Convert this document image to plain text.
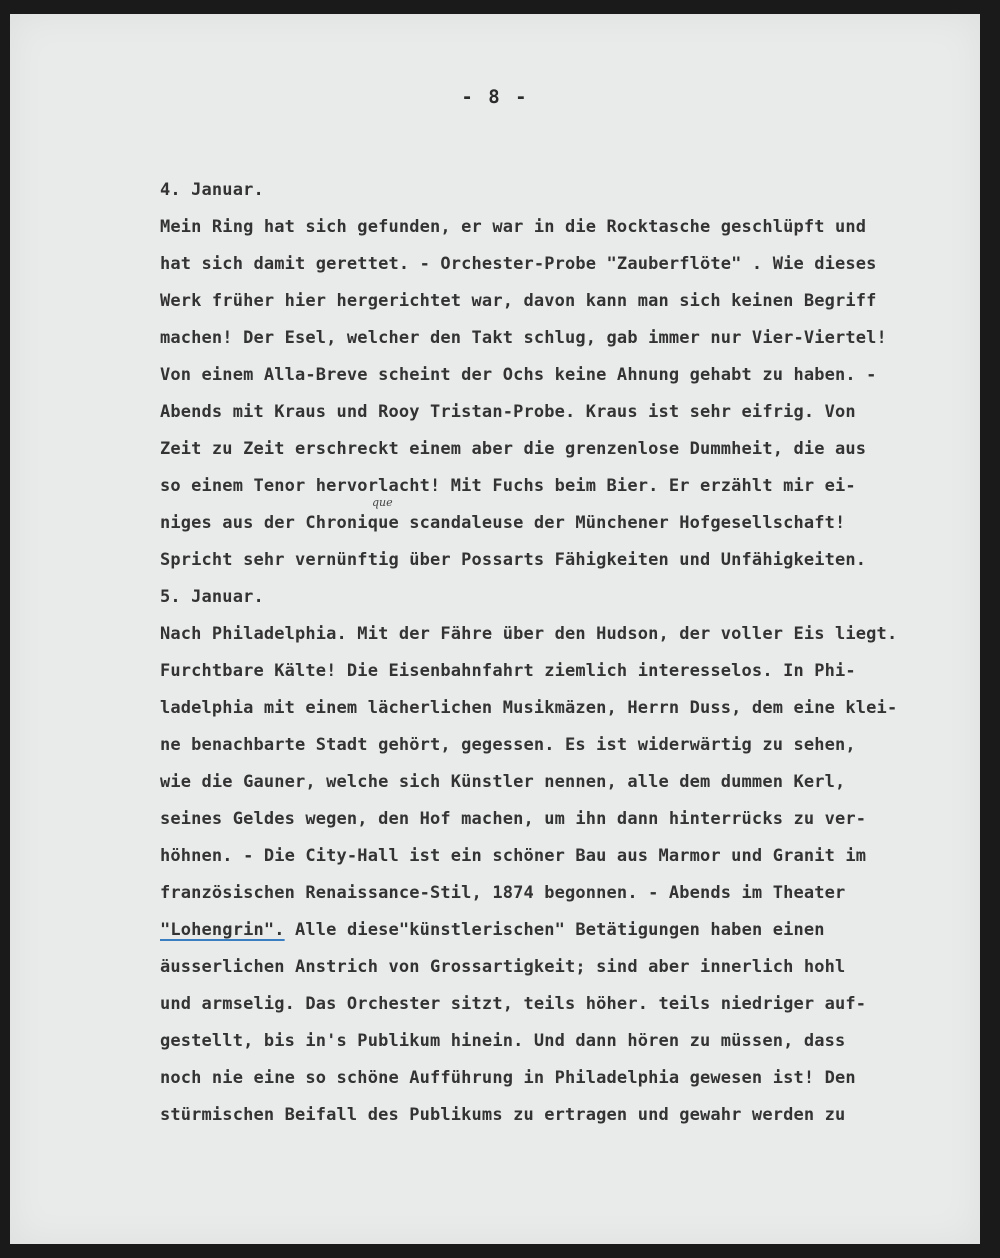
- 8 -
que
4. Januar.
Mein Ring hat sich gefunden, er war in die Rocktasche geschlüpft und
hat sich damit gerettet. - Orchester-Probe "Zauberflöte" . Wie dieses
Werk früher hier hergerichtet war, davon kann man sich keinen Begriff
machen! Der Esel, welcher den Takt schlug, gab immer nur Vier-Viertel!
Von einem Alla-Breve scheint der Ochs keine Ahnung gehabt zu haben. -
Abends mit Kraus und Rooy Tristan-Probe. Kraus ist sehr eifrig. Von
Zeit zu Zeit erschreckt einem aber die grenzenlose Dummheit, die aus
so einem Tenor hervorlacht! Mit Fuchs beim Bier. Er erzählt mir ei-
niges aus der Chronique scandaleuse der Münchener Hofgesellschaft!
Spricht sehr vernünftig über Possarts Fähigkeiten und Unfähigkeiten.
5. Januar.
Nach Philadelphia. Mit der Fähre über den Hudson, der voller Eis liegt.
Furchtbare Kälte! Die Eisenbahnfahrt ziemlich interesselos. In Phi-
ladelphia mit einem lächerlichen Musikmäzen, Herrn Duss, dem eine klei-
ne benachbarte Stadt gehört, gegessen. Es ist widerwärtig zu sehen,
wie die Gauner, welche sich Künstler nennen, alle dem dummen Kerl,
seines Geldes wegen, den Hof machen, um ihn dann hinterrücks zu ver-
höhnen. - Die City-Hall ist ein schöner Bau aus Marmor und Granit im
französischen Renaissance-Stil, 1874 begonnen. - Abends im Theater
"Lohengrin". Alle diese"künstlerischen" Betätigungen haben einen
äusserlichen Anstrich von Grossartigkeit; sind aber innerlich hohl
und armselig. Das Orchester sitzt, teils höher. teils niedriger auf-
gestellt, bis in's Publikum hinein. Und dann hören zu müssen, dass
noch nie eine so schöne Aufführung in Philadelphia gewesen ist! Den
stürmischen Beifall des Publikums zu ertragen und gewahr werden zu
